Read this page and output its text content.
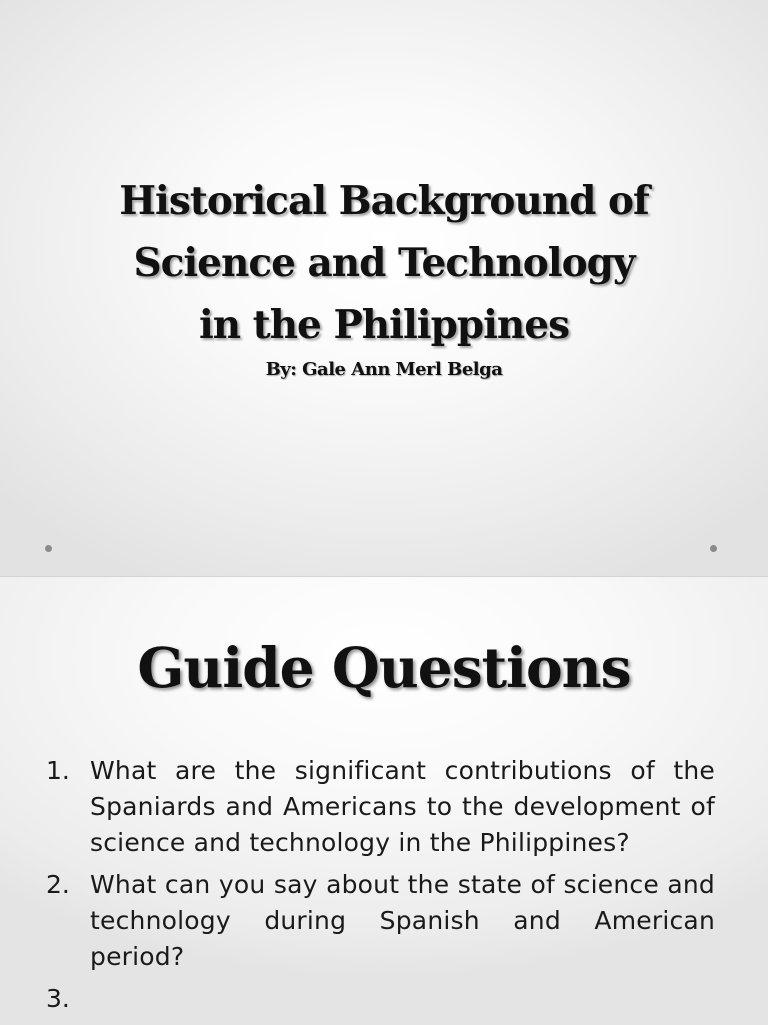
Historical Background of
Science and Technology
in the Philippines
By: Gale Ann Merl Belga
Guide Questions
1. What are the significant contributions of the Spaniards and Americans to the development of science and technology in the Philippines?
2. What can you say about the state of science and technology during Spanish and American period?
3.
